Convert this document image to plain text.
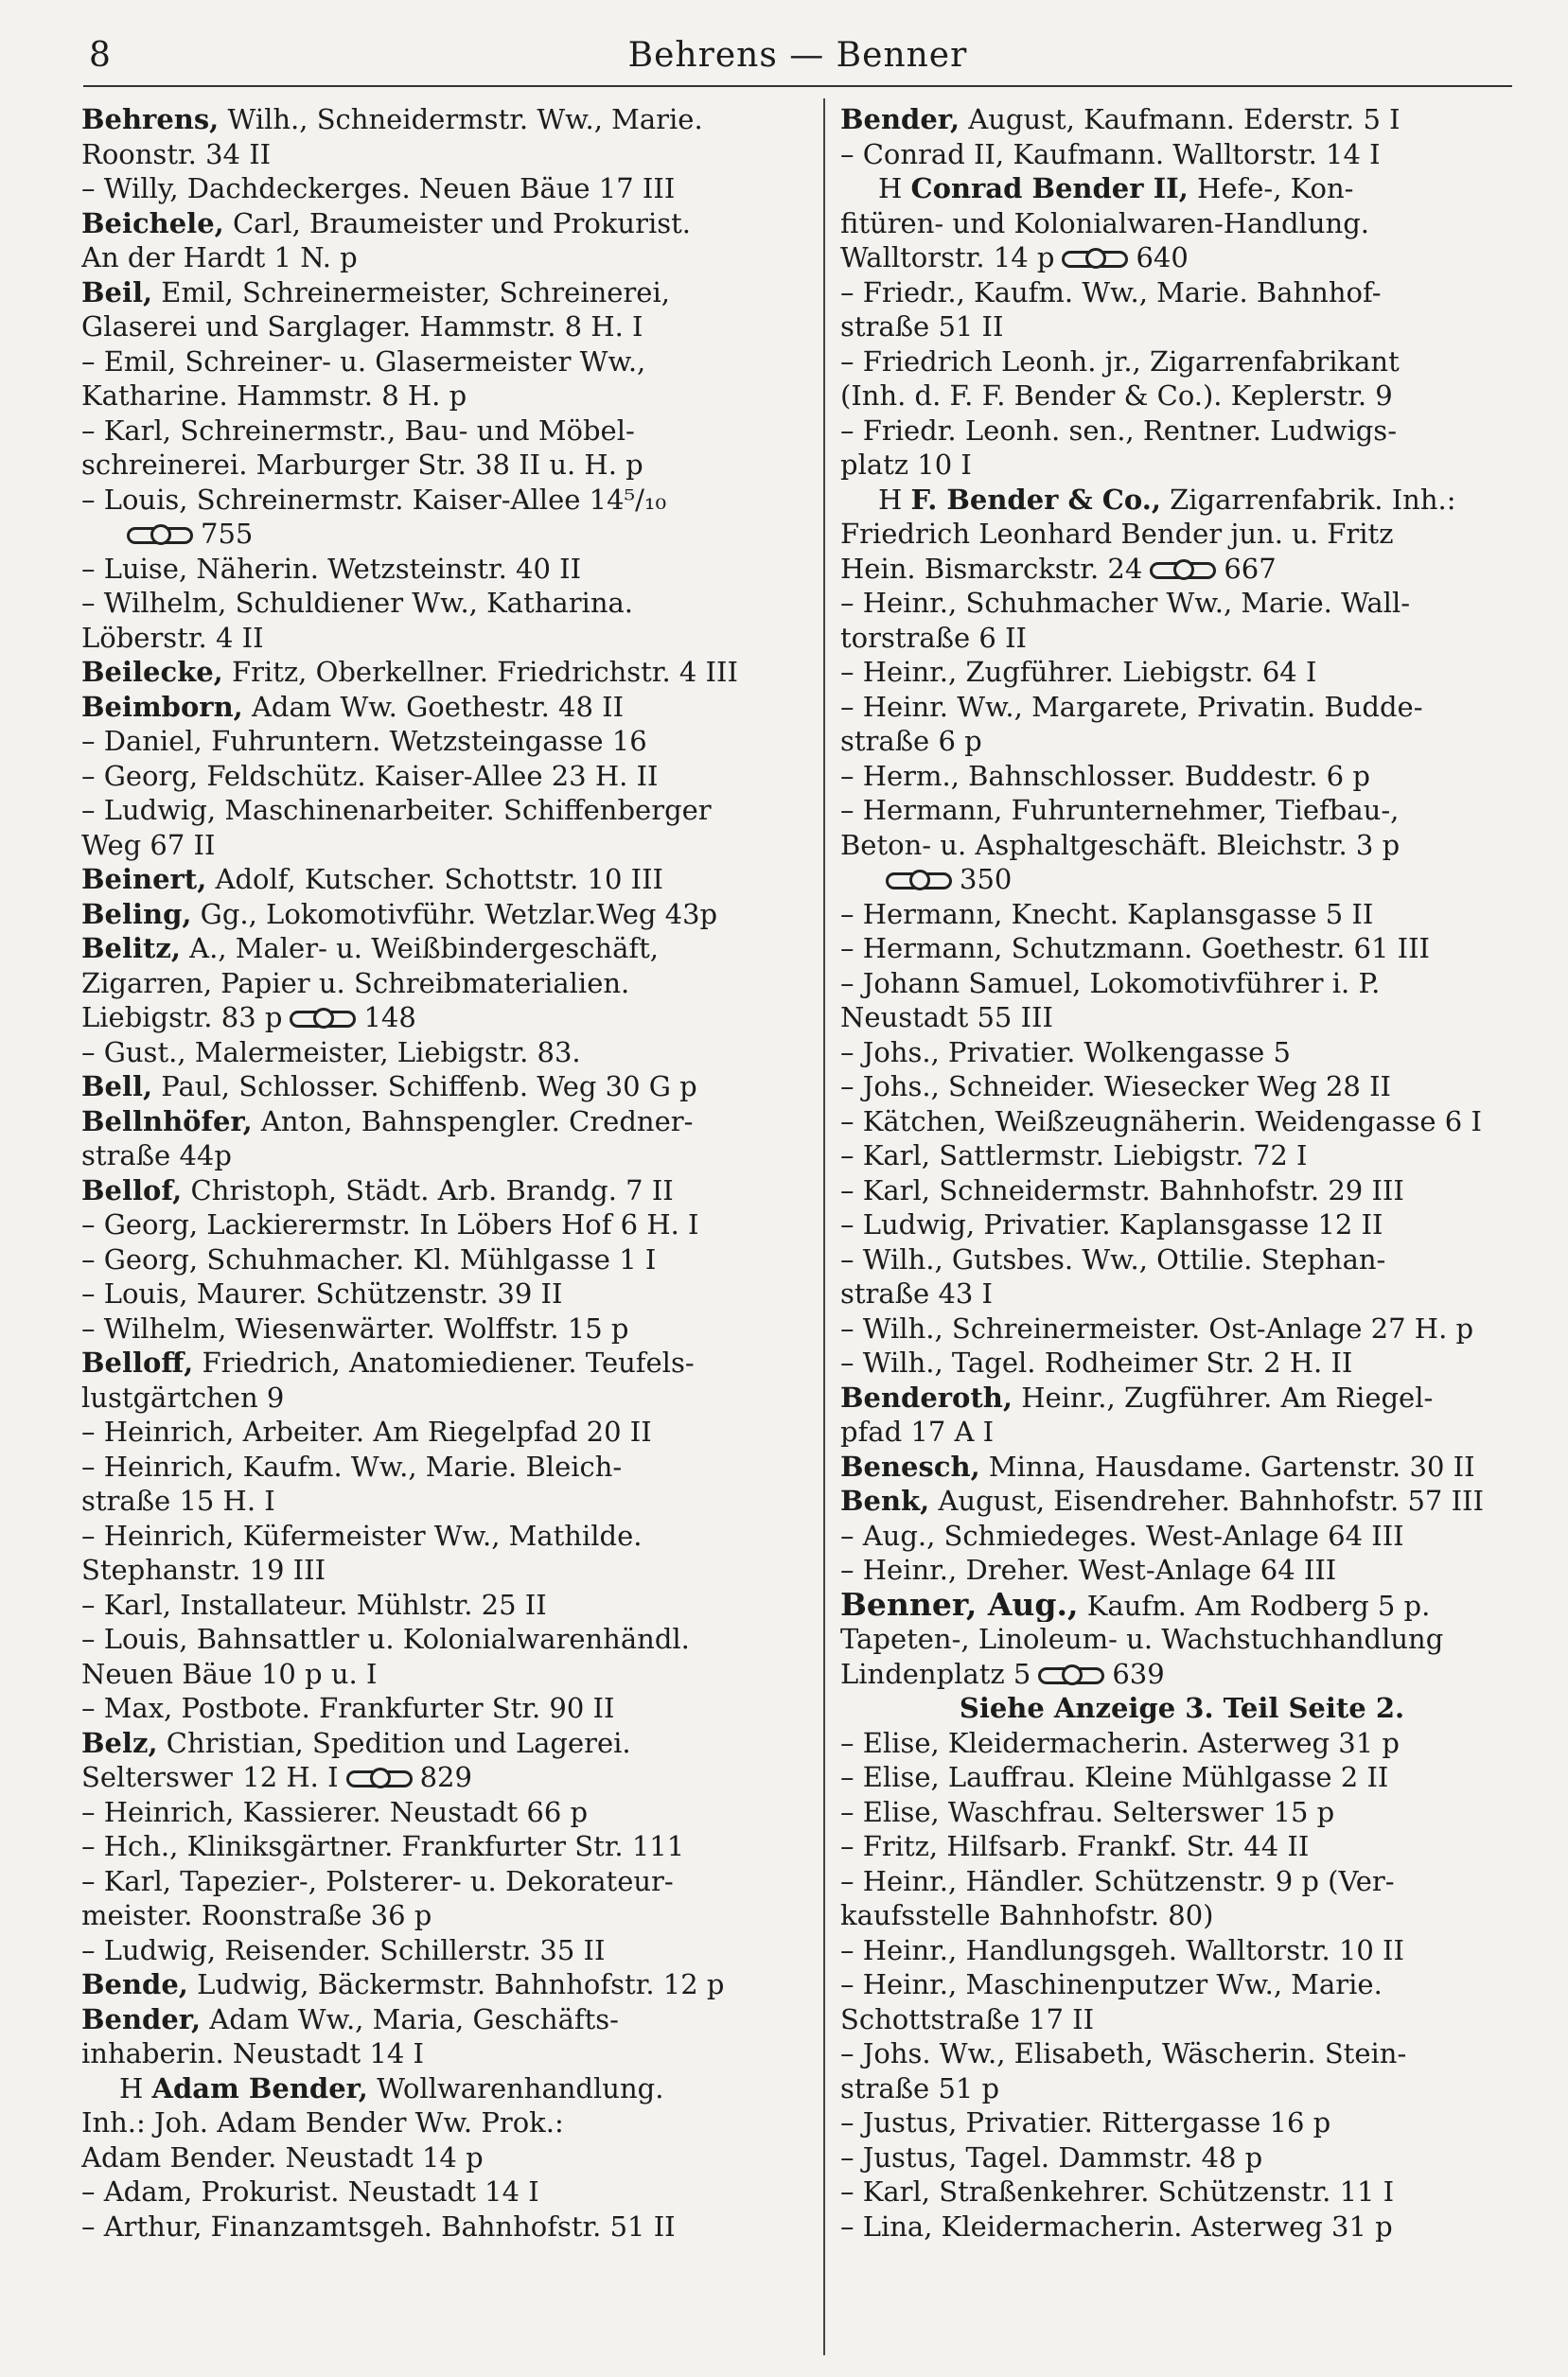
8	Behrens — Benner
Behrens, Wilh., Schneidermstr. Ww., Marie.
Roonstr. 34 II
– Willy, Dachdeckerges. Neuen Bäue 17 III
Beichele, Carl, Braumeister und Prokurist.
An der Hardt 1 N. p
Beil, Emil, Schreinermeister, Schreinerei,
Glaserei und Sarglager. Hammstr. 8 H. I
– Emil, Schreiner- u. Glasermeister Ww.,
Katharine. Hammstr. 8 H. p
– Karl, Schreinermstr., Bau- und Möbel-
schreinerei. Marburger Str. 38 II u. H. p
– Louis, Schreinermstr. Kaiser-Allee 14⁵/₁₀
755
– Luise, Näherin. Wetzsteinstr. 40 II
– Wilhelm, Schuldiener Ww., Katharina.
Löberstr. 4 II
Beilecke, Fritz, Oberkellner. Friedrichstr. 4 III
Beimborn, Adam Ww. Goethestr. 48 II
– Daniel, Fuhruntern. Wetzsteingasse 16
– Georg, Feldschütz. Kaiser-Allee 23 H. II
– Ludwig, Maschinenarbeiter. Schiffenberger
Weg 67 II
Beinert, Adolf, Kutscher. Schottstr. 10 III
Beling, Gg., Lokomotivführ. Wetzlar.Weg 43p
Belitz, A., Maler- u. Weißbindergeschäft,
Zigarren, Papier u. Schreibmaterialien.
Liebigstr. 83 p	148
– Gust., Malermeister, Liebigstr. 83.
Bell, Paul, Schlosser. Schiffenb. Weg 30 G p
Bellnhöfer, Anton, Bahnspengler. Credner-
straße 44p
Bellof, Christoph, Städt. Arb. Brandg. 7 II
– Georg, Lackierermstr. In Löbers Hof 6 H. I
– Georg, Schuhmacher. Kl. Mühlgasse 1 I
– Louis, Maurer. Schützenstr. 39 II
– Wilhelm, Wiesenwärter. Wolffstr. 15 p
Belloff, Friedrich, Anatomiediener. Teufels-
lustgärtchen 9
– Heinrich, Arbeiter. Am Riegelpfad 20 II
– Heinrich, Kaufm. Ww., Marie. Bleich-
straße 15 H. I
– Heinrich, Küfermeister Ww., Mathilde.
Stephanstr. 19 III
– Karl, Installateur. Mühlstr. 25 II
– Louis, Bahnsattler u. Kolonialwarenhändl.
Neuen Bäue 10 p u. I
– Max, Postbote. Frankfurter Str. 90 II
Belz, Christian, Spedition und Lagerei.
Selterswег 12 H. I	829
– Heinrich, Kassierer. Neustadt 66 p
– Hch., Kliniksgärtner. Frankfurter Str. 111
– Karl, Tapezier-, Polsterer- u. Dekorateur-
meister. Roonstraße 36 p
– Ludwig, Reisender. Schillerstr. 35 II
Bende, Ludwig, Bäckermstr. Bahnhofstr. 12 p
Bender, Adam Ww., Maria, Geschäfts-
inhaberin. Neustadt 14 I
H Adam Bender, Wollwarenhandlung.
Inh.: Joh. Adam Bender Ww. Prok.:
Adam Bender. Neustadt 14 p
– Adam, Prokurist. Neustadt 14 I
– Arthur, Finanzamtsgeh. Bahnhofstr. 51 II
Bender, August, Kaufmann. Ederstr. 5 I
– Conrad II, Kaufmann. Walltorstr. 14 I
H Conrad Bender II, Hefe-, Kon-
fitüren- und Kolonialwaren-Handlung.
Walltorstr. 14 p	640
– Friedr., Kaufm. Ww., Marie. Bahnhof-
straße 51 II
– Friedrich Leonh. jr., Zigarrenfabrikant
(Inh. d. F. F. Bender & Co.). Keplerstr. 9
– Friedr. Leonh. sen., Rentner. Ludwigs-
platz 10 I
H F. Bender & Co., Zigarrenfabrik. Inh.:
Friedrich Leonhard Bender jun. u. Fritz
Hein. Bismarckstr. 24	667
– Heinr., Schuhmacher Ww., Marie. Wall-
torstraße 6 II
– Heinr., Zugführer. Liebigstr. 64 I
– Heinr. Ww., Margarete, Privatin. Budde-
straße 6 p
– Herm., Bahnschlosser. Buddestr. 6 p
– Hermann, Fuhrunternehmer, Tiefbau-,
Beton- u. Asphaltgeschäft. Bleichstr. 3 p
350
– Hermann, Knecht. Kaplansgasse 5 II
– Hermann, Schutzmann. Goethestr. 61 III
– Johann Samuel, Lokomotivführer i. P.
Neustadt 55 III
– Johs., Privatier. Wolkengasse 5
– Johs., Schneider. Wiesecker Weg 28 II
– Kätchen, Weißzeugnäherin. Weidengasse 6 I
– Karl, Sattlermstr. Liebigstr. 72 I
– Karl, Schneidermstr. Bahnhofstr. 29 III
– Ludwig, Privatier. Kaplansgasse 12 II
– Wilh., Gutsbes. Ww., Ottilie. Stephan-
straße 43 I
– Wilh., Schreinermeister. Ost-Anlage 27 H. p
– Wilh., Tagel. Rodheimer Str. 2 H. II
Benderoth, Heinr., Zugführer. Am Riegel-
pfad 17 A I
Benesch, Minna, Hausdame. Gartenstr. 30 II
Benk, August, Eisendreher. Bahnhofstr. 57 III
– Aug., Schmiedeges. West-Anlage 64 III
– Heinr., Dreher. West-Anlage 64 III
Benner, Aug., Kaufm. Am Rodberg 5 p.
Tapeten-, Linoleum- u. Wachstuchhandlung
Lindenplatz 5	639
Siehe Anzeige 3. Teil Seite 2.
– Elise, Kleidermacherin. Asterweg 31 p
– Elise, Lauffrau. Kleine Mühlgasse 2 II
– Elise, Waschfrau. Selterswег 15 p
– Fritz, Hilfsarb. Frankf. Str. 44 II
– Heinr., Händler. Schützenstr. 9 p (Ver-
kaufsstelle Bahnhofstr. 80)
– Heinr., Handlungsgeh. Walltorstr. 10 II
– Heinr., Maschinenputzer Ww., Marie.
Schottstraße 17 II
– Johs. Ww., Elisabeth, Wäscherin. Stein-
straße 51 p
– Justus, Privatier. Rittergasse 16 p
– Justus, Tagel. Dammstr. 48 p
– Karl, Straßenkehrer. Schützenstr. 11 I
– Lina, Kleidermacherin. Asterweg 31 p
